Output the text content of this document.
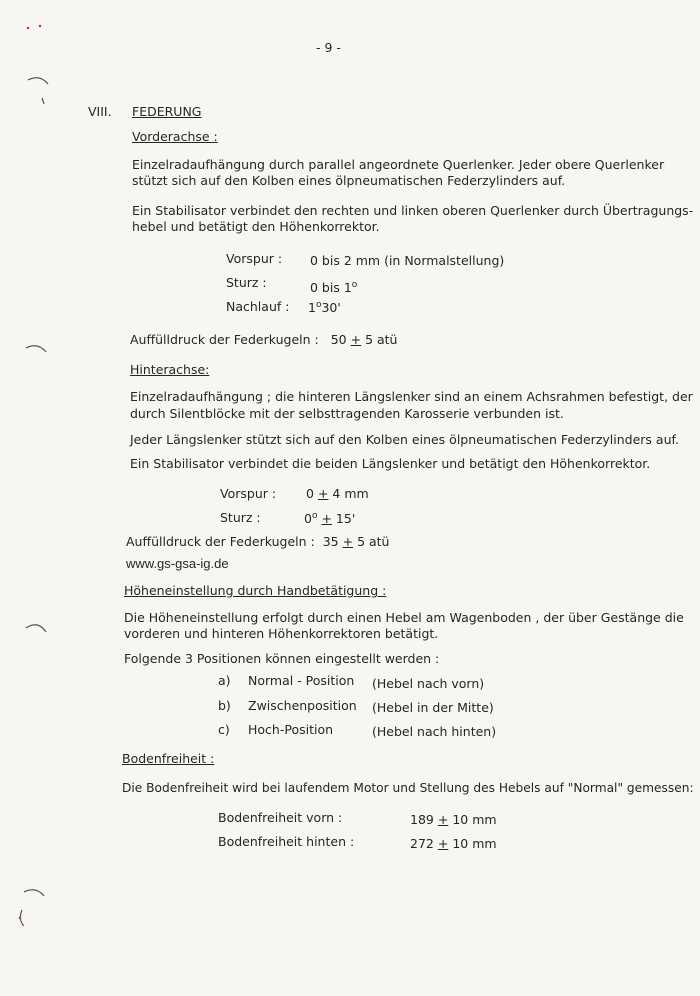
- 9 -
VIII. FEDERUNG
Vorderachse :
Einzelradaufhängung durch parallel angeordnete Querlenker. Jeder obere Querlenker
stützt sich auf den Kolben eines ölpneumatischen Federzylinders auf.
Ein Stabilisator verbindet den rechten und linken oberen Querlenker durch Übertragungs-
hebel und betätigt den Höhenkorrektor.
Vorspur : 0 bis 2 mm (in Normalstellung)
Sturz :	0 bis 1$^o$
Nachlauf : 1$^o$30'
Auffülldruck der Federkugeln : 50 + 5 atü
Hinterachse:
Einzelradaufhängung ; die hinteren Längslenker sind an einem Achsrahmen befestigt, der
durch Silentblöcke mit der selbsttragenden Karosserie verbunden ist.
Jeder Längslenker stützt sich auf den Kolben eines ölpneumatischen Federzylinders auf.
Ein Stabilisator verbindet die beiden Längslenker und betätigt den Höhenkorrektor.
Vorspur : 0 + 4 mm
Sturz :	$0^o + 15'$
Auffülldruck der Federkugeln : 35 + 5 atü
www.gs-gsa-ig.de
Höheneinstellung durch Handbetätigung :
Die Höheneinstellung erfolgt durch einen Hebel am Wagenboden , der über Gestänge die
vorderen und hinteren Höhenkorrektoren betätigt.
Folgende 3 Positionen können eingestellt werden :
a) Normal - Position (Hebel nach vorn)
b) Zwischenposition (Hebel in der Mitte)
c) Hoch-Position	(Hebel nach hinten)
Bodenfreiheit :
Die Bodenfreiheit wird bei laufendem Motor und Stellung des Hebels auf "Normal" gemessen:
Bodenfreiheit vorn :	189 + 10 mm
Bodenfreiheit hinten :	272 + 10 mm
